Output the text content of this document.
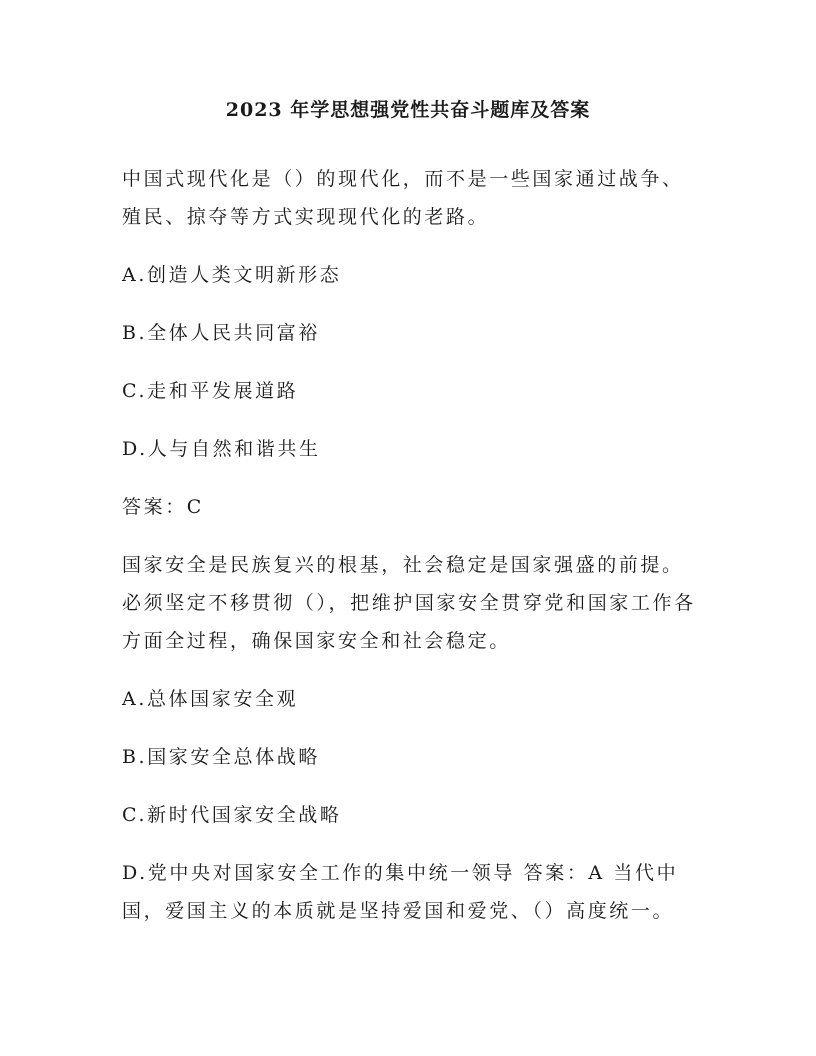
2023 年学思想强党性共奋斗题库及答案

中国式现代化是（）的现代化，而不是一些国家通过战争、殖民、掠夺等方式实现现代化的老路。

A.创造人类文明新形态

B.全体人民共同富裕

C.走和平发展道路

D.人与自然和谐共生

答案：C

国家安全是民族复兴的根基，社会稳定是国家强盛的前提。必须坚定不移贯彻（），把维护国家安全贯穿党和国家工作各方面全过程，确保国家安全和社会稳定。

A.总体国家安全观

B.国家安全总体战略

C.新时代国家安全战略

D.党中央对国家安全工作的集中统一领导 答案：A 当代中国，爱国主义的本质就是坚持爱国和爱党、（）高度统一。
